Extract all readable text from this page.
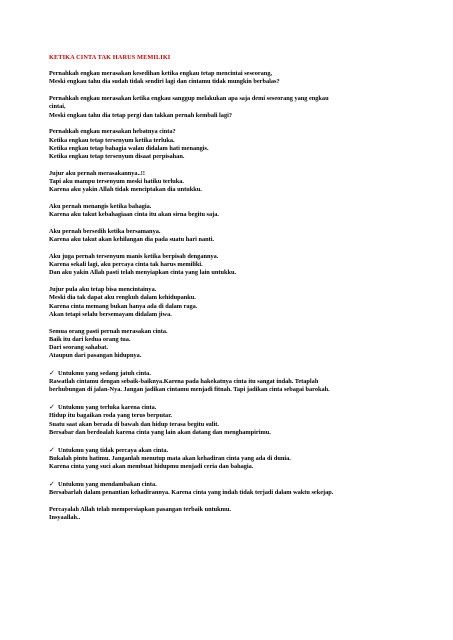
KETIKA CINTA TAK HARUS MEMILIKI
Pernahkah engkau merasakan kesedihan ketika engkau tetap mencintai seseorang,
Meski engkau tahu dia sudah tidak sendiri lagi dan cintamu tidak mungkin berbalas?
Pernahkah engkau merasakan ketika engkau sanggup melakukan apa saja demi seseorang yang engkau
cintai,
Meski engkau tahu dia tetap pergi dan takkan pernah kembali lagi?
Pernahkah engkau merasakan hebatnya cinta?
Ketika engkau tetap tersenyum ketika terluka.
Ketika engkau tetap bahagia walau didalam hati menangis.
Ketika engkau tetap tersenyum disaat perpisahan.
Jujur aku pernah merasakannya..!!
Tapi aku mampu tersenyum meski hatiku terluka.
Karena aku yakin Allah tidak menciptakan dia untukku.
Aku pernah menangis ketika bahagia.
Karena aku takut kebahagiaan cinta itu akan sirna begitu saja.
Aku pernah bersedih ketika bersamanya.
Karena aku takut akan kehilangan dia pada suatu hari nanti.
Aku juga pernah tersenyum manis ketika berpisah dengannya.
Karena sekali lagi, aku percaya cinta tak harus memiliki.
Dan aku yakin Allah pasti telah menyiapkan cinta yang lain untukku.
Jujur pula aku tetap bisa mencintainya.
Meski dia tak dapat aku rengkuh dalam kehidupanku.
Karena cinta memang bukan hanya ada di dalam raga.
Akan tetapi selalu bersemayam didalam jiwa.
Semua orang pasti pernah merasakan cinta.
Baik itu dari kedua orang tua.
Dari seorang sahabat.
Ataupun dari pasangan hidupnya.
✓ Untukmu yang sedang jatuh cinta.
Rawatlah cintamu dengan sebaik-baiknya.Karena pada hakekatnya cinta itu sangat indah. Tetaplah
berhubungan di jalan-Nya. Jangan jadikan cintamu menjadi fitnah. Tapi jadikan cinta sebagai barokah.
✓ Untukmu yang terluka karena cinta.
Hidup itu bagaikan roda yang terus berputar.
Suatu saat akan berada di bawah dan hidup terasa begitu sulit.
Bersabar dan berdoalah karena cinta yang lain akan datang dan menghampirimu.
✓ Untukmu yang tidak percaya akan cinta.
Bukalah pintu hatimu. Janganlah menutup mata akan kehadiran cinta yang ada di dunia.
Karena cinta yang suci akan membuat hidupmu menjadi ceria dan bahagia.
✓ Untukmu yang mendambakan cinta.
Bersabarlah dalam penantian kehadirannya. Karena cinta yang indah tidak terjadi dalam waktu sekejap.
Percayalah Allah telah mempersiapkan pasangan terbaik untukmu.
Insyaallah..
